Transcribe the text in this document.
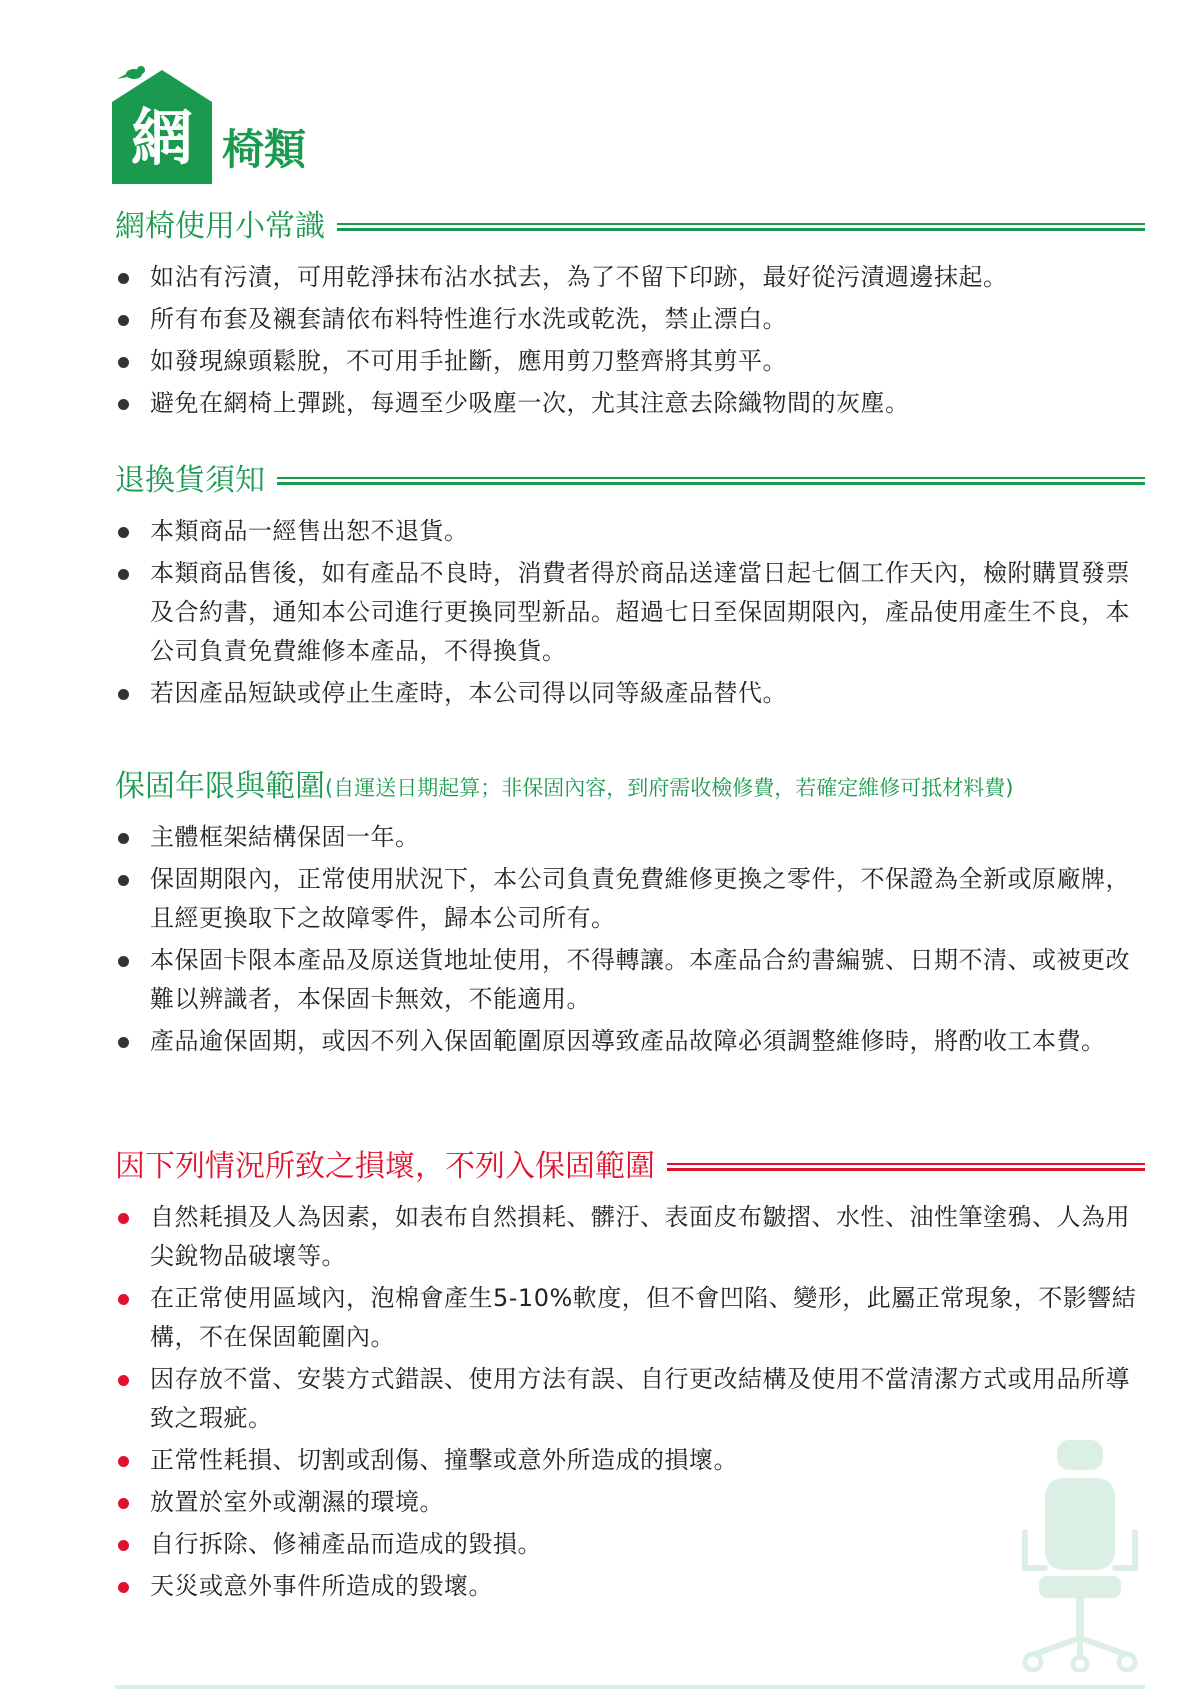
網 椅類
網椅使用小常識
如沾有污漬，可用乾淨抹布沾水拭去，為了不留下印跡，最好從污漬週邊抹起。
所有布套及襯套請依布料特性進行水洗或乾洗，禁止漂白。
如發現線頭鬆脫，不可用手扯斷，應用剪刀整齊將其剪平。
避免在網椅上彈跳，每週至少吸塵一次，尤其注意去除織物間的灰塵。
退換貨須知
本類商品一經售出恕不退貨。
本類商品售後，如有產品不良時，消費者得於商品送達當日起七個工作天內，檢附購買發票及合約書，通知本公司進行更換同型新品。超過七日至保固期限內，產品使用產生不良，本公司負責免費維修本產品，不得換貨。
若因產品短缺或停止生產時，本公司得以同等級產品替代。
保固年限與範圍 (自運送日期起算；非保固內容，到府需收檢修費，若確定維修可抵材料費)
主體框架結構保固一年。
保固期限內，正常使用狀況下，本公司負責免費維修更換之零件，不保證為全新或原廠牌，且經更換取下之故障零件，歸本公司所有。
本保固卡限本產品及原送貨地址使用，不得轉讓。本產品合約書編號、日期不清、或被更改難以辨識者，本保固卡無效，不能適用。
產品逾保固期，或因不列入保固範圍原因導致產品故障必須調整維修時，將酌收工本費。
因下列情況所致之損壞，不列入保固範圍
自然耗損及人為因素，如表布自然損耗、髒汙、表面皮布皺摺、水性、油性筆塗鴉、人為用尖銳物品破壞等。
在正常使用區域內，泡棉會產生5-10%軟度，但不會凹陷、變形，此屬正常現象，不影響結構，不在保固範圍內。
因存放不當、安裝方式錯誤、使用方法有誤、自行更改結構及使用不當清潔方式或用品所導致之瑕疵。
正常性耗損、切割或刮傷、撞擊或意外所造成的損壞。
放置於室外或潮濕的環境。
自行拆除、修補產品而造成的毀損。
天災或意外事件所造成的毀壞。
